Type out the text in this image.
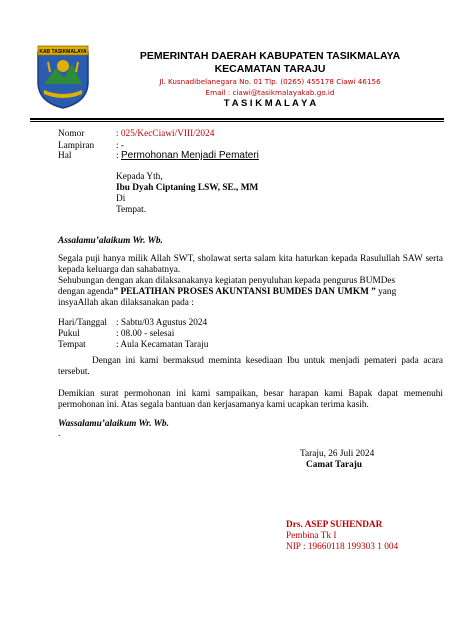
KAB TASIKMALAYA	PEMERINTAH DAERAH KABUPATEN TASIKMALAYA
KECAMATAN TARAJU
Jl. Kusnadibelanegara No. 01 Tlp. (0265) 455178 Ciawi 46156
Email : ciawi@tasikmalayakab.go.id
T A S I K M A L A Y A
Nomor	: 025/KecCiawi/VIII/2024
Lampiran : -
Hal	: Permohonan Menjadi Pemateri
Kepada Yth,
Ibu Dyah Ciptaning LSW, SE., MM
Di
Tempat.
Assalamu’alaikum Wr. Wb.
Segala puji hanya milik Allah SWT, sholawat serta salam kita haturkan kepada Rasulullah SAW serta kepada keluarga dan sahabatnya.
Sehubungan dengan akan dilaksanakanya kegiatan penyuluhan kepada pengurus BUMDes
dengan agenda” PELATIHAN PROSES AKUNTANSI BUMDES DAN UMKM ” yang
insyaAllah akan dilaksanakan pada :
Hari/Tanggal : Sabtu/03 Agustus 2024
Pukul	: 08.00 - selesai
Tempat	: Aula Kecamatan Taraju
Dengan ini kami bermaksud meminta kesediaan Ibu untuk menjadi pemateri pada acara tersebut.
Demikian surat permohonan ini kami sampaikan, besar harapan kami Bapak dapat memenuhi permohonan ini. Atas segala bantuan dan kerjasamanya kami ucapkan terima kasih.
Wassalamu’alaikum Wr. Wb.
.
Taraju, 26 Juli 2024
Camat Taraju
Drs. ASEP SUHENDAR
Pembina Tk I
NIP : 19660118 199303 1 004
